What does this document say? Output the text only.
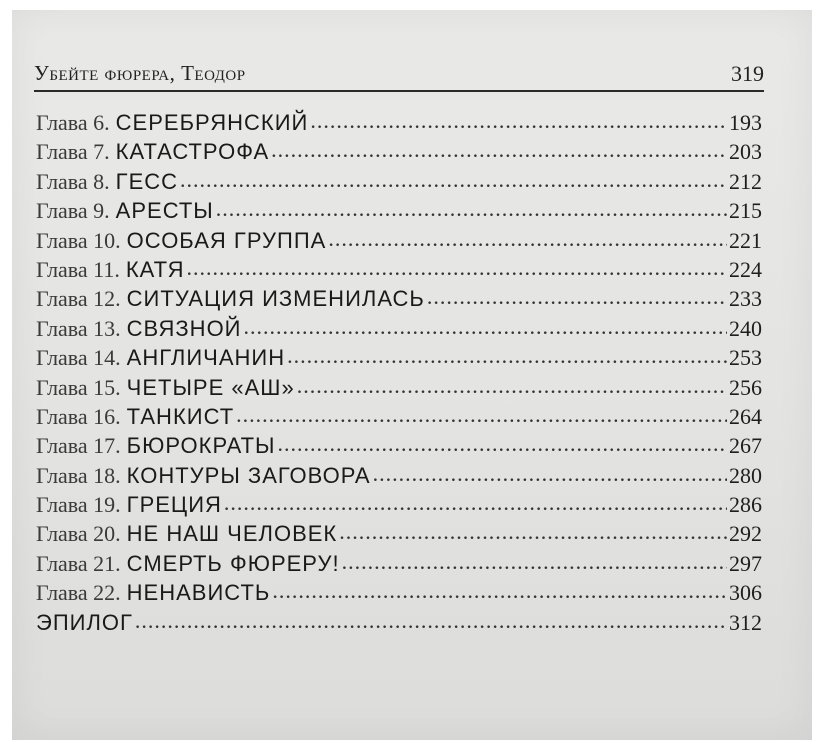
Убейте фюрера, Теодор	319
Глава 6. СЕРЕБРЯНСКИЙ .....	193
Глава 7. КАТАСТРОФА .....	203
Глава 8. ГЕСС .....	212
Глава 9. АРЕСТЫ .....	215
Глава 10. ОСОБАЯ ГРУППА .....	221
Глава 11. КАТЯ .....	224
Глава 12. СИТУАЦИЯ ИЗМЕНИЛАСЬ .....	233
Глава 13. СВЯЗНОЙ .....	240
Глава 14. АНГЛИЧАНИН .....	253
Глава 15. ЧЕТЫРЕ «АШ» .....	256
Глава 16. ТАНКИСТ .....	264
Глава 17. БЮРОКРАТЫ .....	267
Глава 18. КОНТУРЫ ЗАГОВОРА .....	280
Глава 19. ГРЕЦИЯ .....	286
Глава 20. НЕ НАШ ЧЕЛОВЕК .....	292
Глава 21. СМЕРТЬ ФЮРЕРУ! .....	297
Глава 22. НЕНАВИСТЬ .....	306
ЭПИЛОГ .....	312
